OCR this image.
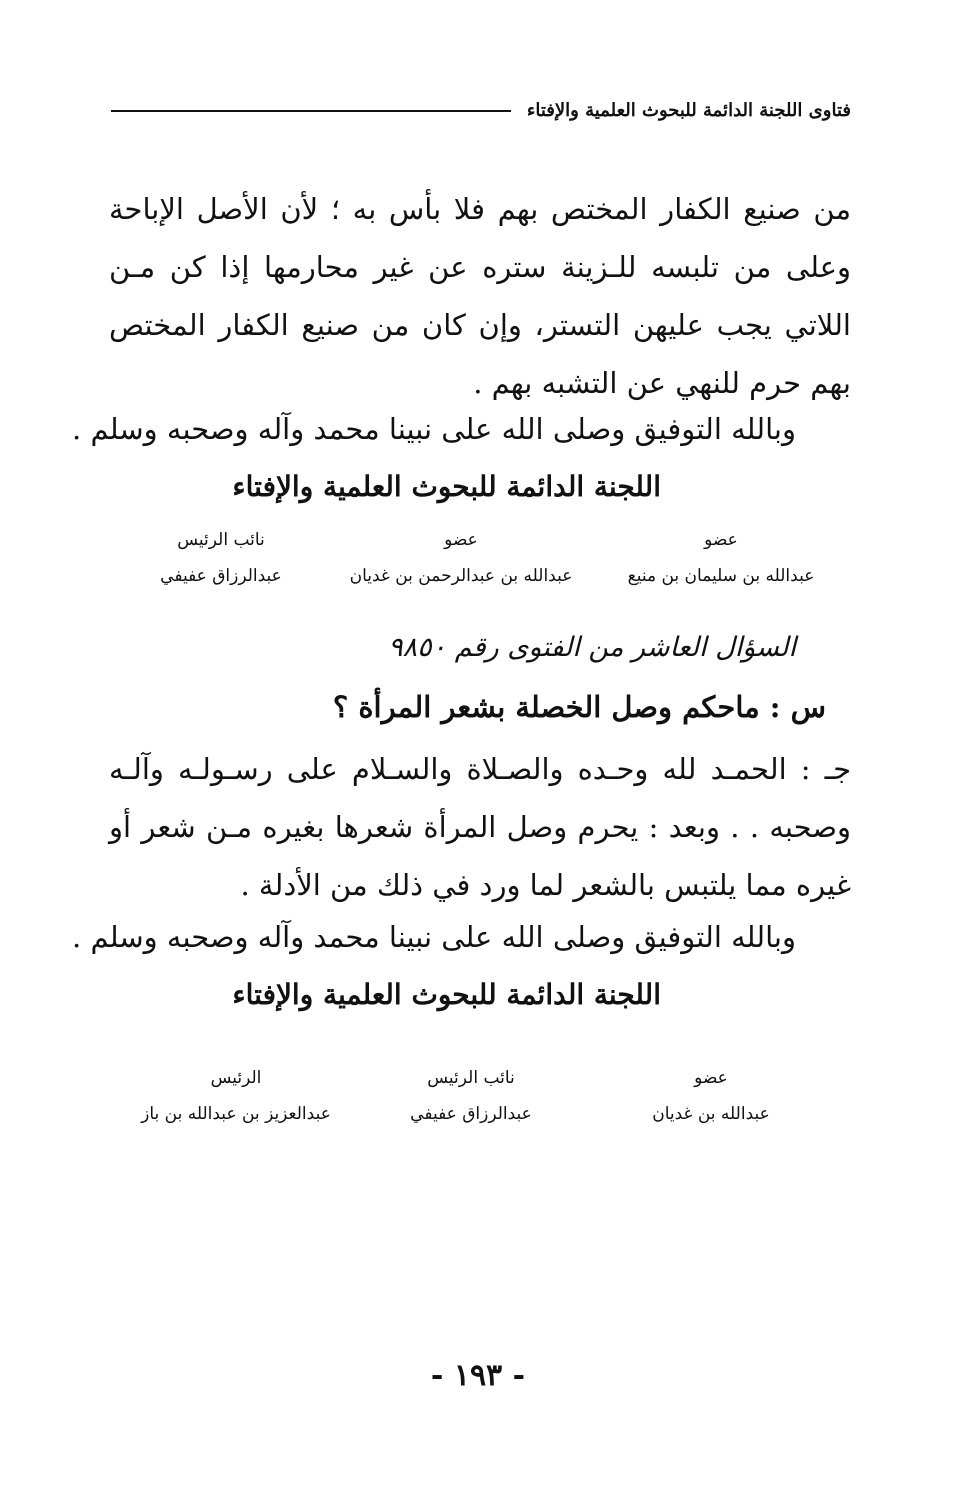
فتاوى اللجنة الدائمة للبحوث العلمية والإفتاء
من صنيع الكفار المختص بهم فلا بأس به ؛ لأن الأصل الإباحة وعلى من تلبسه للـزينة ستره عن غير محارمها إذا كن مـن اللاتي يجب عليهن التستر، وإن كان من صنيع الكفار المختص بهم حرم للنهي عن التشبه بهم .
وبالله التوفيق وصلى الله على نبينا محمد وآله وصحبه وسلم .
اللجنة الدائمة للبحوث العلمية والإفتاء
عضو
عبدالله بن سليمان بن منيع
عضو
عبدالله بن عبدالرحمن بن غديان
نائب الرئيس
عبدالرزاق عفيفي
السؤال العاشر من الفتوى رقم ٩٨٥٠
س : ماحكم وصل الخصلة بشعر المرأة ؟
جـ : الحمـد لله وحـده والصـلاة والسـلام على رسـولـه وآلـه وصحبه . . وبعد : يحرم وصل المرأة شعرها بغيره مـن شعر أو غيره مما يلتبس بالشعر لما ورد في ذلك من الأدلة .
وبالله التوفيق وصلى الله على نبينا محمد وآله وصحبه وسلم .
اللجنة الدائمة للبحوث العلمية والإفتاء
عضو
عبدالله بن غديان
نائب الرئيس
عبدالرزاق عفيفي
الرئيس
عبدالعزيز بن عبدالله بن باز
- ١٩٣ -
